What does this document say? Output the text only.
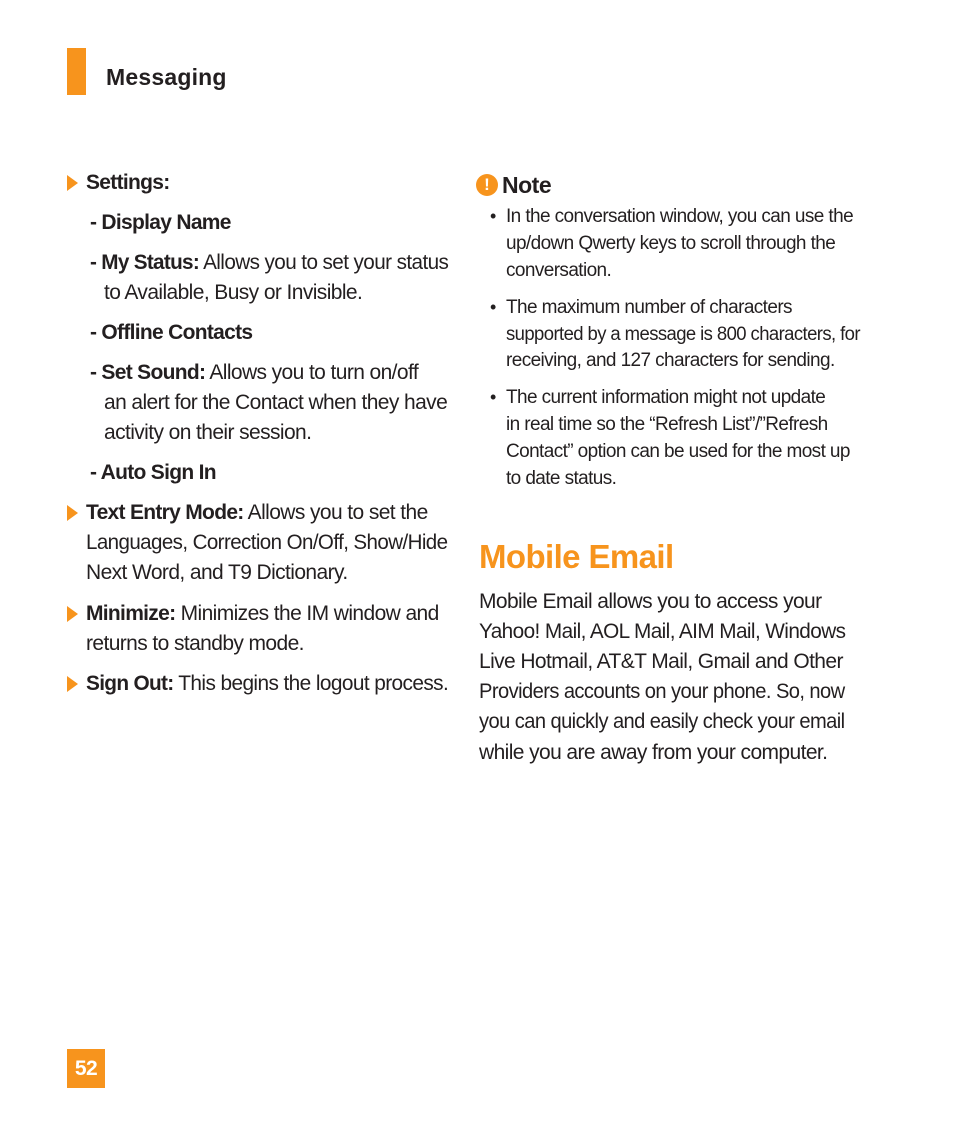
Messaging
Settings:
- Display Name
- My Status: Allows you to set your status
to Available, Busy or Invisible.
- Offline Contacts
- Set Sound: Allows you to turn on/off
an alert for the Contact when they have
activity on their session.
- Auto Sign In
Text Entry Mode: Allows you to set the
Languages, Correction On/Off, Show/Hide
Next Word, and T9 Dictionary.
Minimize: Minimizes the IM window and
returns to standby mode.
Sign Out: This begins the logout process.
! Note
• In the conversation window, you can use the
up/down Qwerty keys to scroll through the
conversation.
• The maximum number of characters
supported by a message is 800 characters, for
receiving, and 127 characters for sending.
• The current information might not update
in real time so the “Refresh List”/”Refresh
Contact” option can be used for the most up
to date status.
Mobile Email
Mobile Email allows you to access your
Yahoo! Mail, AOL Mail, AIM Mail, Windows
Live Hotmail, AT&T Mail, Gmail and Other
Providers accounts on your phone. So, now
you can quickly and easily check your email
while you are away from your computer.
52
